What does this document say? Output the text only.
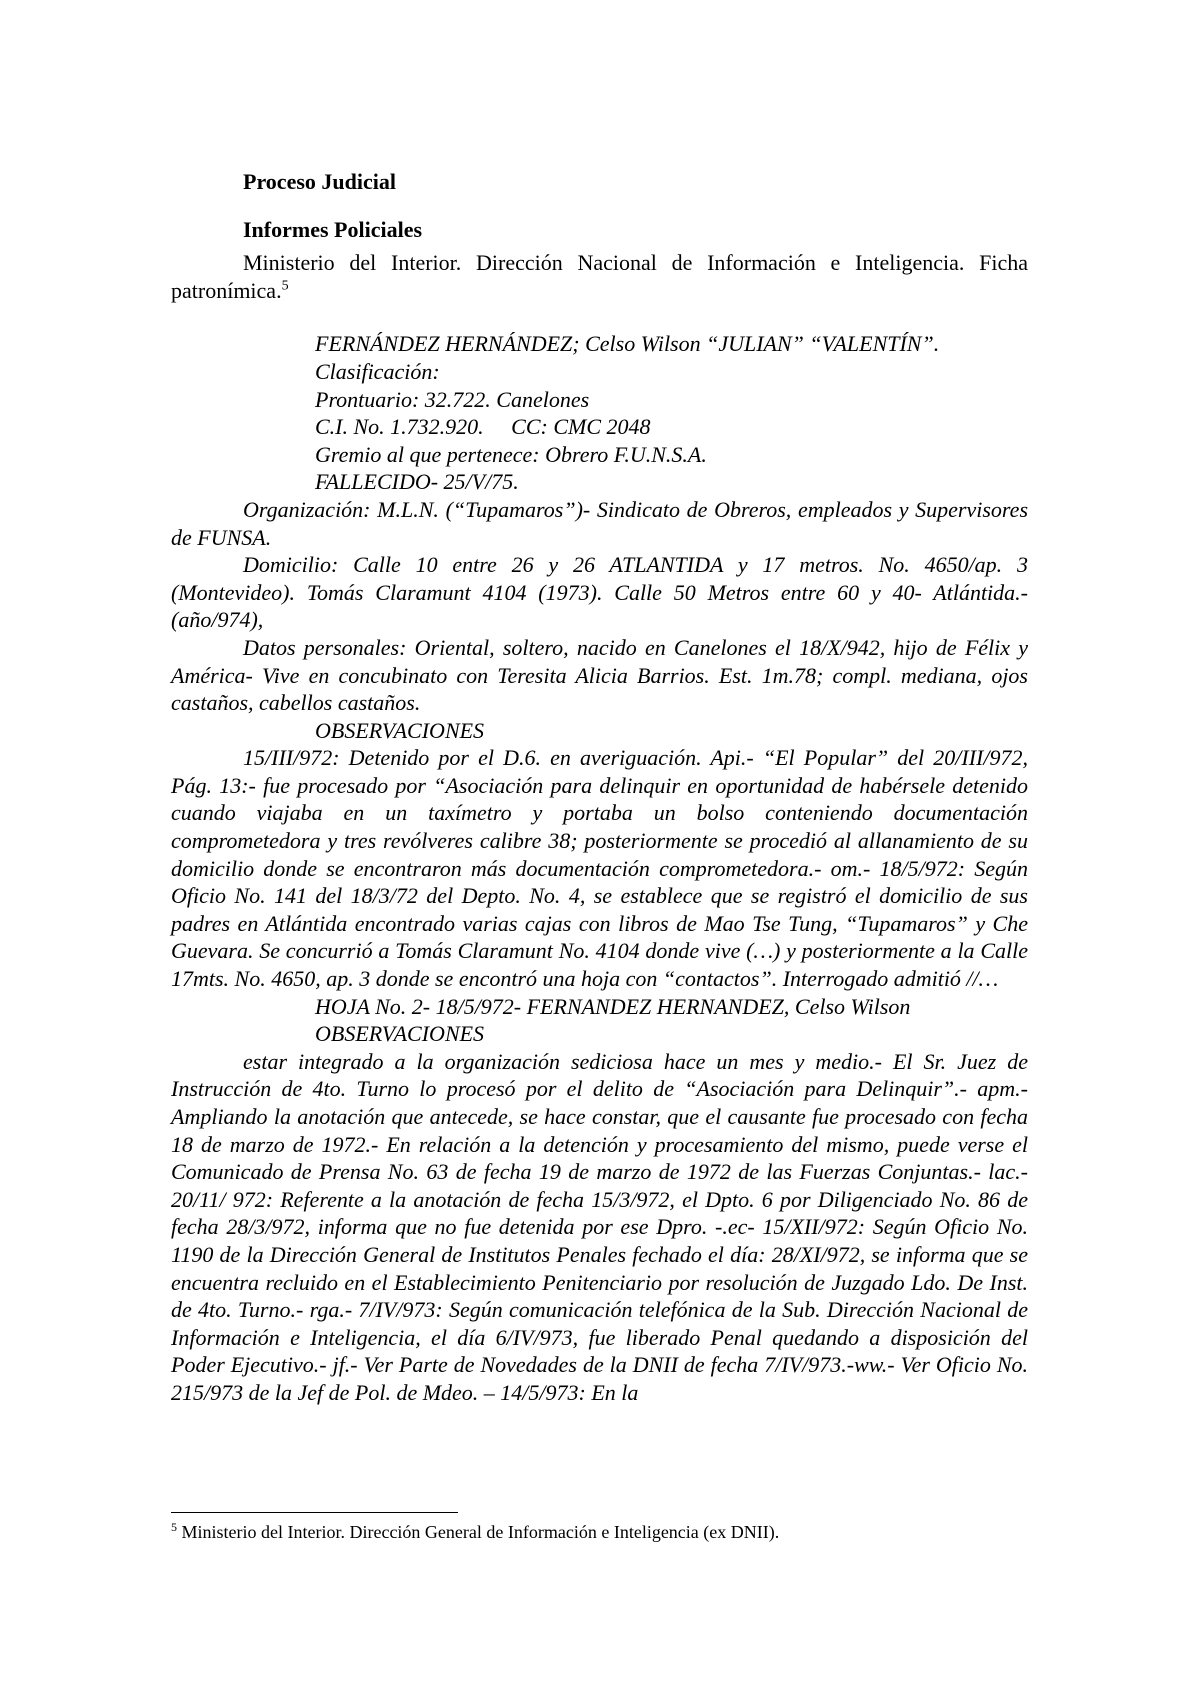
Proceso Judicial

Informes Policiales

Ministerio del Interior. Dirección Nacional de Información e Inteligencia. Ficha patronímica.$^5$

FERNÁNDEZ HERNÁNDEZ; Celso Wilson “JULIAN” “VALENTÍN”.

Clasificación:

Prontuario: 32.722. Canelones

C.I. No. 1.732.920.     CC: CMC 2048

Gremio al que pertenece: Obrero F.U.N.S.A.

FALLECIDO- 25/V/75.

Organización: M.L.N. (“Tupamaros”)- Sindicato de Obreros, empleados y Supervisores de FUNSA.

Domicilio: Calle 10 entre 26 y 26 ATLANTIDA y 17 metros. No. 4650/ap. 3 (Montevideo). Tomás Claramunt 4104 (1973). Calle 50 Metros entre 60 y 40- Atlántida.- (año/974),

Datos personales: Oriental, soltero, nacido en Canelones el 18/X/942, hijo de Félix y América- Vive en concubinato con Teresita Alicia Barrios. Est. 1m.78; compl. mediana, ojos castaños, cabellos castaños.

OBSERVACIONES

15/III/972: Detenido por el D.6. en averiguación. Api.- “El Popular” del 20/III/972, Pág. 13:- fue procesado por “Asociación para delinquir en oportunidad de habérsele detenido cuando viajaba en un taxímetro y portaba un bolso conteniendo documentación comprometedora y tres revólveres calibre 38; posteriormente se procedió al allanamiento de su domicilio donde se encontraron más documentación comprometedora.- om.- 18/5/972: Según Oficio No. 141 del 18/3/72 del Depto. No. 4, se establece que se registró el domicilio de sus padres en Atlántida encontrado varias cajas con libros de Mao Tse Tung, “Tupamaros” y Che Guevara. Se concurrió a Tomás Claramunt No. 4104 donde vive (…) y posteriormente a la Calle 17mts. No. 4650, ap. 3 donde se encontró una hoja con “contactos”. Interrogado admitió //…

HOJA No. 2- 18/5/972- FERNANDEZ HERNANDEZ, Celso Wilson

OBSERVACIONES

estar integrado a la organización sediciosa hace un mes y medio.- El Sr. Juez de Instrucción de 4to. Turno lo procesó por el delito de “Asociación para Delinquir”.- apm.- Ampliando la anotación que antecede, se hace constar, que el causante fue procesado con fecha 18 de marzo de 1972.- En relación a la detención y procesamiento del mismo, puede verse el Comunicado de Prensa No. 63 de fecha 19 de marzo de 1972 de las Fuerzas Conjuntas.- lac.- 20/11/ 972: Referente a la anotación de fecha 15/3/972, el Dpto. 6 por Diligenciado No. 86 de fecha 28/3/972, informa que no fue detenida por ese Dpro. -.ec- 15/XII/972: Según Oficio No. 1190 de la Dirección General de Institutos Penales fechado el día: 28/XI/972, se informa que se encuentra recluido en el Establecimiento Penitenciario por resolución de Juzgado Ldo. De Inst. de 4to. Turno.- rga.- 7/IV/973: Según comunicación telefónica de la Sub. Dirección Nacional de Información e Inteligencia, el día 6/IV/973, fue liberado Penal quedando a disposición del Poder Ejecutivo.- jf.- Ver Parte de Novedades de la DNII de fecha 7/IV/973.-ww.- Ver Oficio No. 215/973 de la Jef de Pol. de Mdeo. – 14/5/973: En la

$^5$ Ministerio del Interior. Dirección General de Información e Inteligencia (ex DNII).
